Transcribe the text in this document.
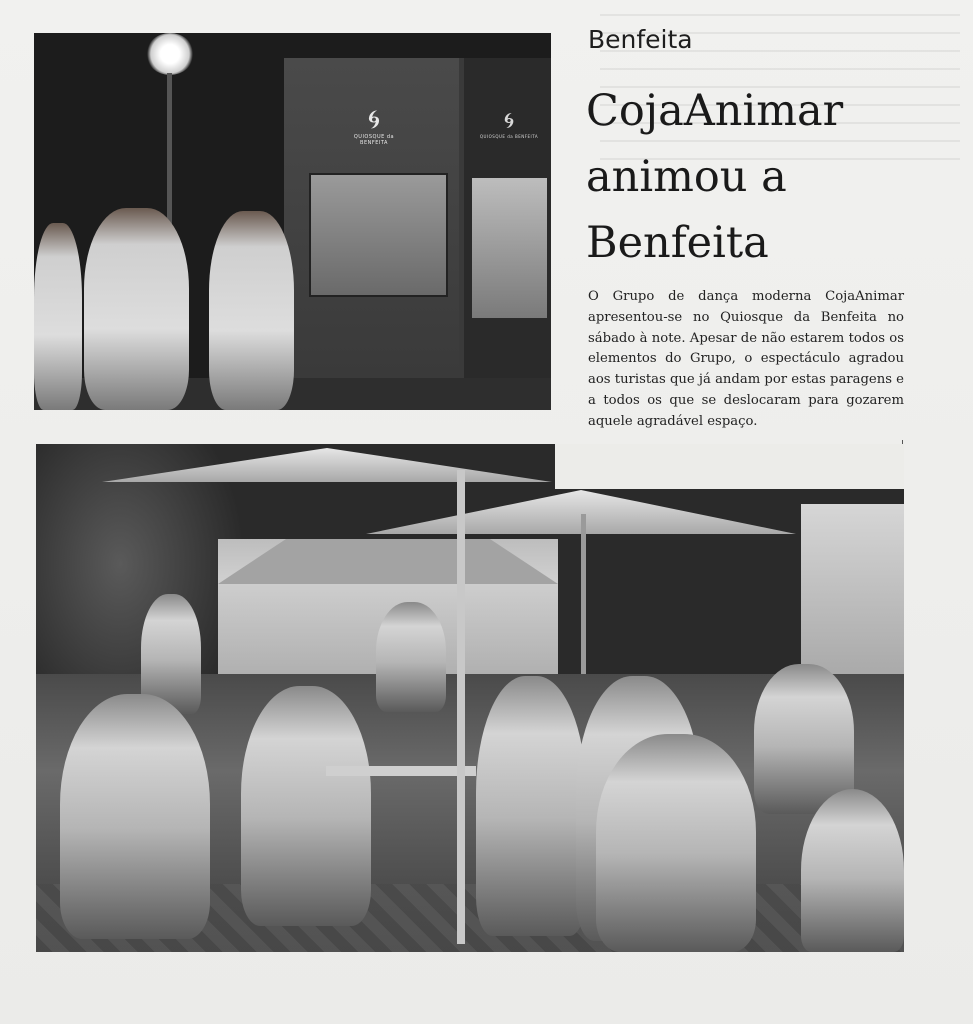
🌀︎
QUIOSQUE da BENFEITA
🌀︎
QUIOSQUE da BENFEITA
Benfeita
CojaAnimar
animou a
Benfeita
O Grupo de dança moderna CojaAnimar apresentou-se no Quiosque da Benfeita no sábado à note. Apesar de não estarem todos os elementos do Grupo, o espectáculo agradou aos turistas que já andam por estas paragens e a todos os que se deslocaram para gozarem aquele agradável espaço.
